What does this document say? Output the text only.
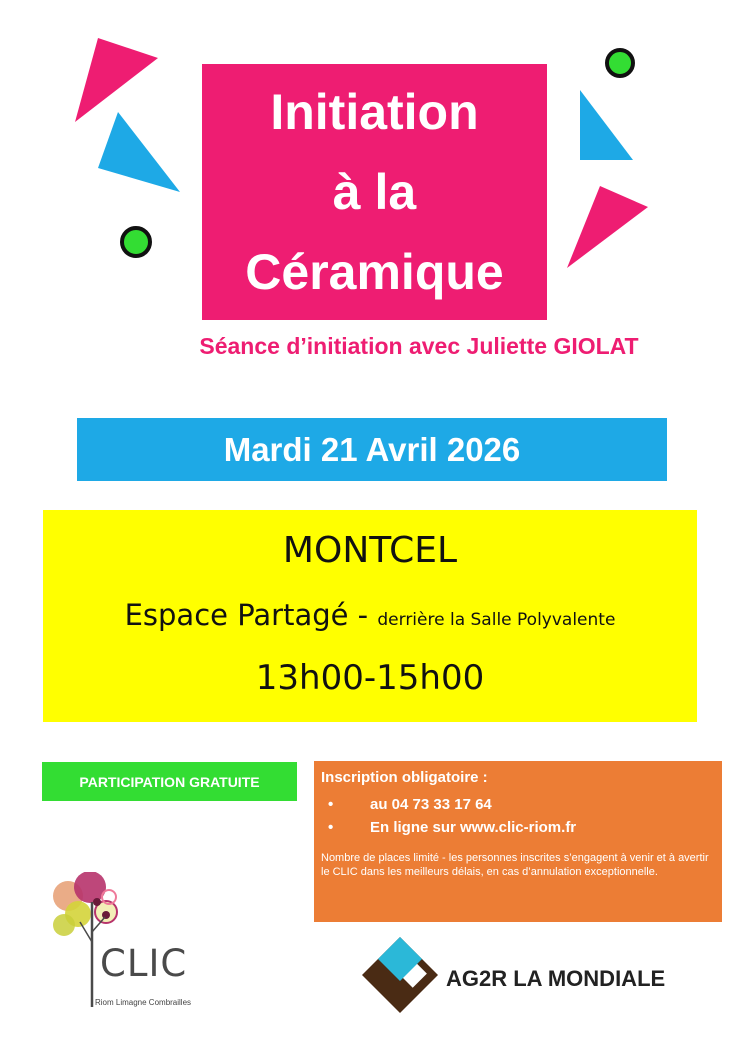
Initiation
à la
Céramique
Séance d’initiation avec Juliette GIOLAT
Mardi 21 Avril 2026
MONTCEL
Espace Partagé - derrière la Salle Polyvalente
13h00-15h00
PARTICIPATION GRATUITE	Inscription obligatoire :
• au 04 73 33 17 64
• En ligne sur www.clic-riom.fr
Nombre de places limité - les personnes inscrites s’engagent à venir et à avertir le CLIC dans les meilleurs délais, en cas d’annulation exceptionnelle.
CLIC
Riom Limagne Combrailles
AG2R LA MONDIALE
